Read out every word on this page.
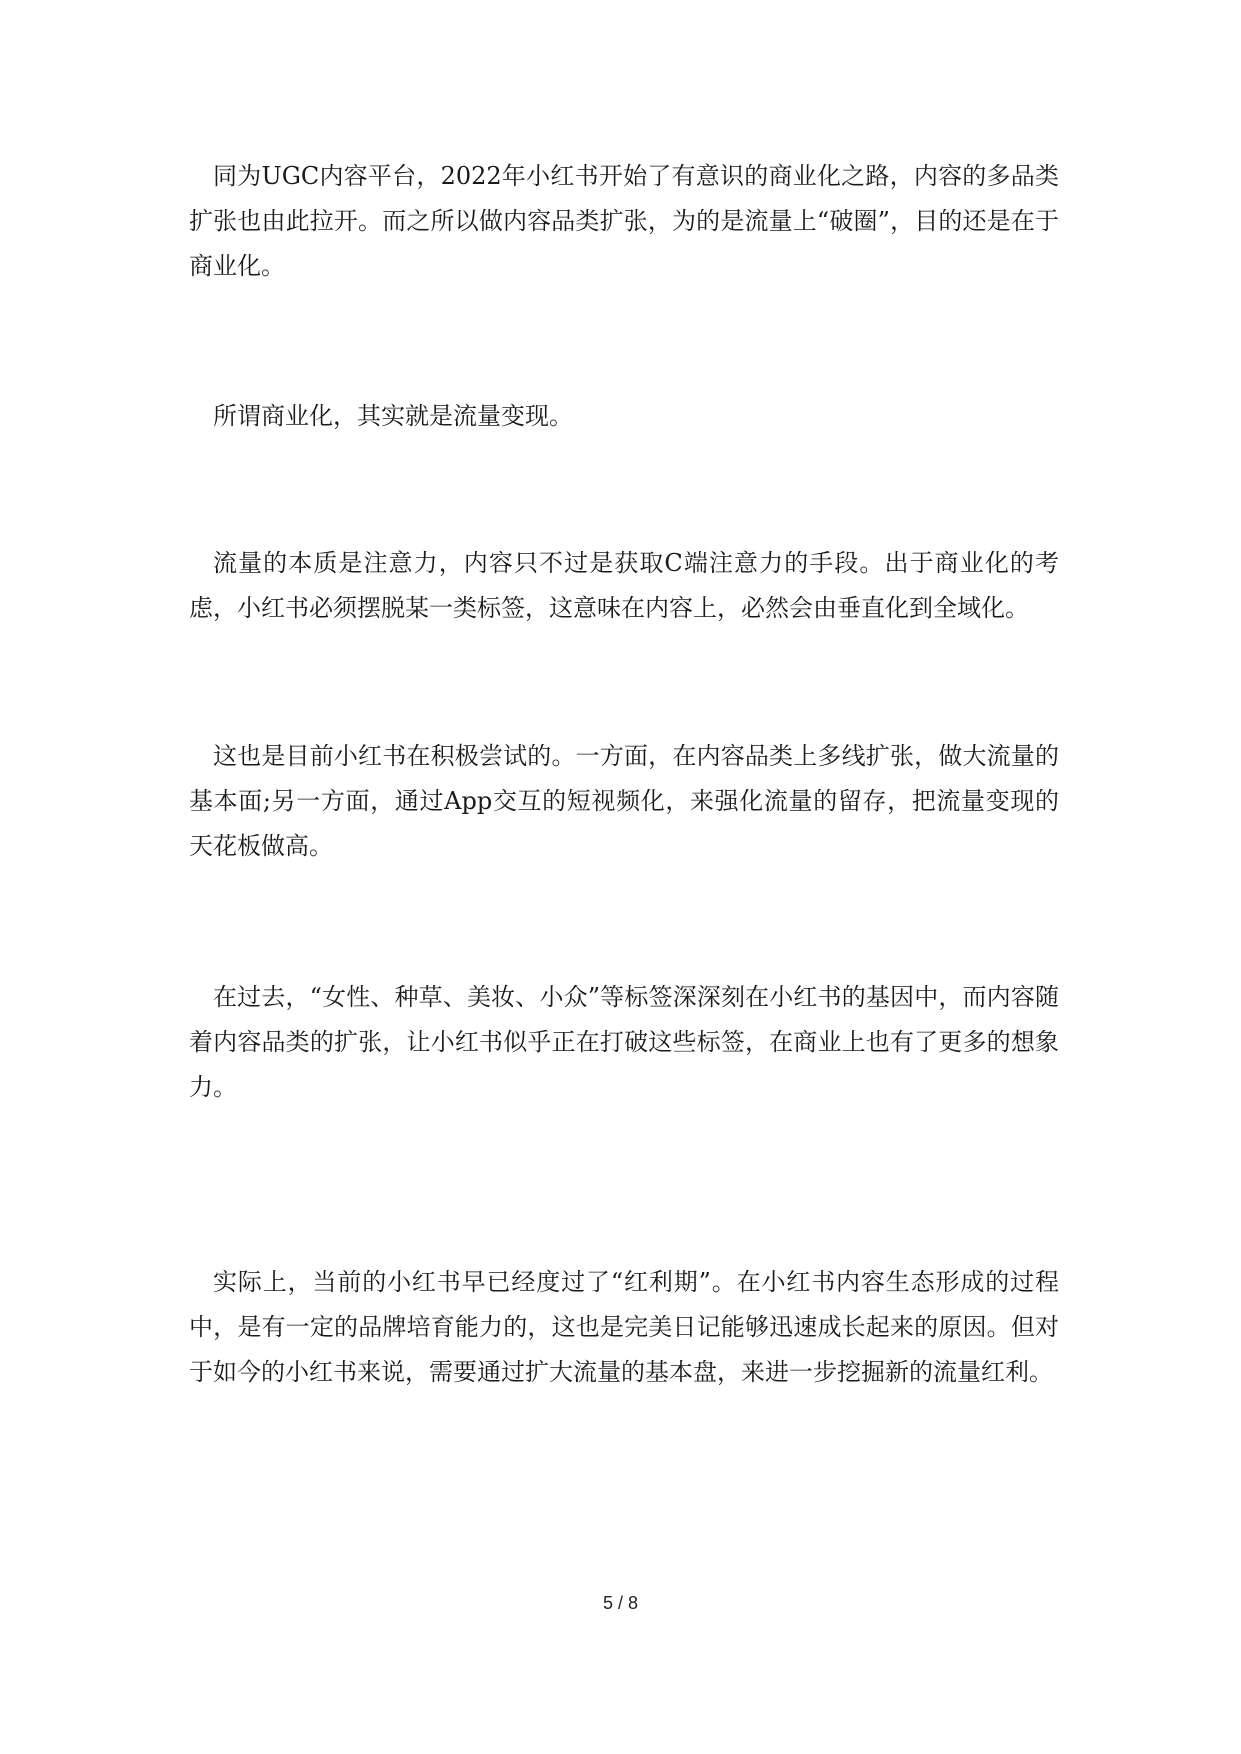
同为UGC内容平台，2022年小红书开始了有意识的商业化之路，内容的多品类扩张也由此拉开。而之所以做内容品类扩张，为的是流量上“破圈”，目的还是在于商业化。

所谓商业化，其实就是流量变现。

流量的本质是注意力，内容只不过是获取C端注意力的手段。出于商业化的考虑，小红书必须摆脱某一类标签，这意味在内容上，必然会由垂直化到全域化。

这也是目前小红书在积极尝试的。一方面，在内容品类上多线扩张，做大流量的基本面;另一方面，通过App交互的短视频化，来强化流量的留存，把流量变现的天花板做高。

在过去，“女性、种草、美妆、小众”等标签深深刻在小红书的基因中，而内容随着内容品类的扩张，让小红书似乎正在打破这些标签，在商业上也有了更多的想象力。

实际上，当前的小红书早已经度过了“红利期”。在小红书内容生态形成的过程中，是有一定的品牌培育能力的，这也是完美日记能够迅速成长起来的原因。但对于如今的小红书来说，需要通过扩大流量的基本盘，来进一步挖掘新的流量红利。

5 / 8
